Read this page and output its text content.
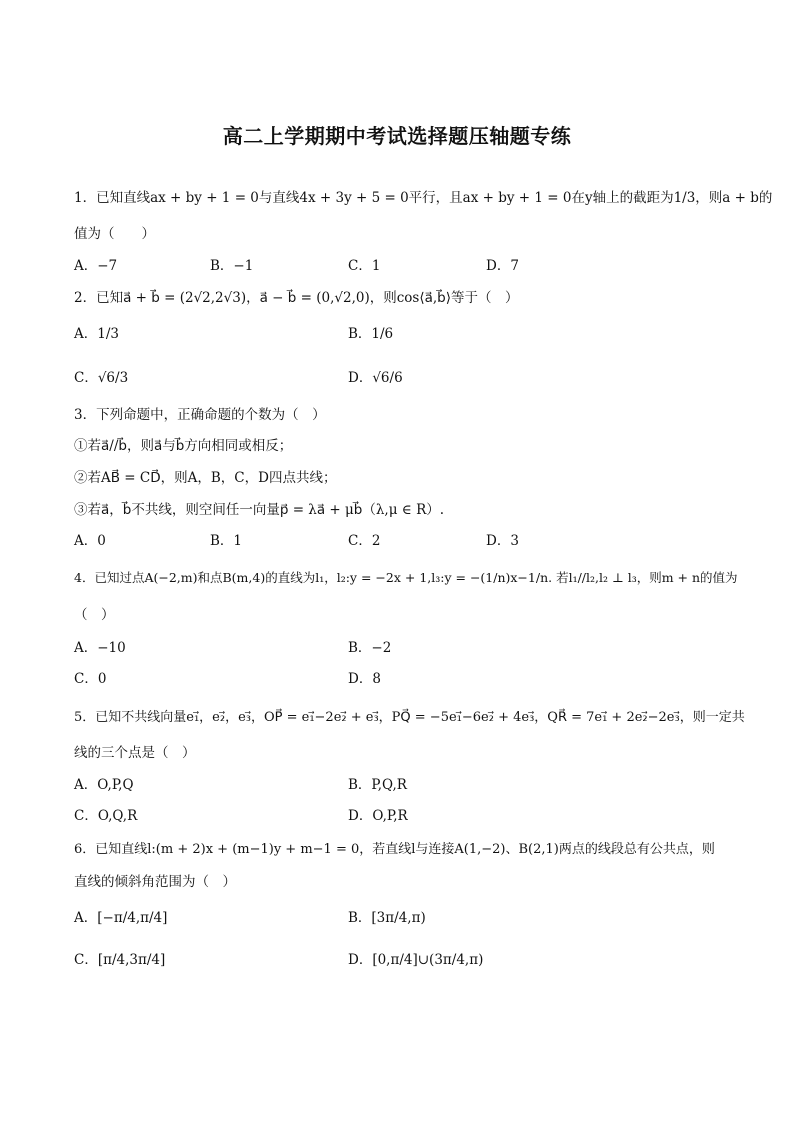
高二上学期期中考试选择题压轴题专练
1．已知直线ax + by + 1 = 0与直线4x + 3y + 5 = 0平行，且ax + by + 1 = 0在y轴上的截距为1/3，则a + b的
值为（　　）
A．−7	B．−1	C．1	D．7
2．已知a⃗ + b⃗ = (2√2,2√3)，a⃗ − b⃗ = (0,√2,0)，则cos⟨a⃗,b⃗⟩等于（　）
A．1/3	B．1/6
C．√6/3	D．√6/6
3．下列命题中，正确命题的个数为（　）
①若a⃗//b⃗，则a⃗与b⃗方向相同或相反；
②若AB⃗ = CD⃗，则A，B，C，D四点共线；
③若a⃗，b⃗不共线，则空间任一向量p⃗ = λa⃗ + μb⃗（λ,μ ∈ R）.
A．0	B．1	C．2	D．3
4．已知过点A(−2,m)和点B(m,4)的直线为l₁，l₂:y = −2x + 1,l₃:y = −(1/n)x−1/n. 若l₁//l₂,l₂ ⊥ l₃，则m + n的值为
（　）
A．−10	B．−2
C．0	D．8
5．已知不共线向量e₁⃗，e₂⃗，e₃⃗，OP⃗ = e₁⃗−2e₂⃗ + e₃⃗，PQ⃗ = −5e₁⃗−6e₂⃗ + 4e₃⃗，QR⃗ = 7e₁⃗ + 2e₂⃗−2e₃⃗，则一定共
线的三个点是（　）
A．O,P,Q	B．P,Q,R
C．O,Q,R	D．O,P,R
6．已知直线l:(m + 2)x + (m−1)y + m−1 = 0，若直线l与连接A(1,−2)、B(2,1)两点的线段总有公共点，则
直线的倾斜角范围为（　）
A．[−π/4,π/4]	B．[3π/4,π)
C．[π/4,3π/4]	D．[0,π/4]∪(3π/4,π)
